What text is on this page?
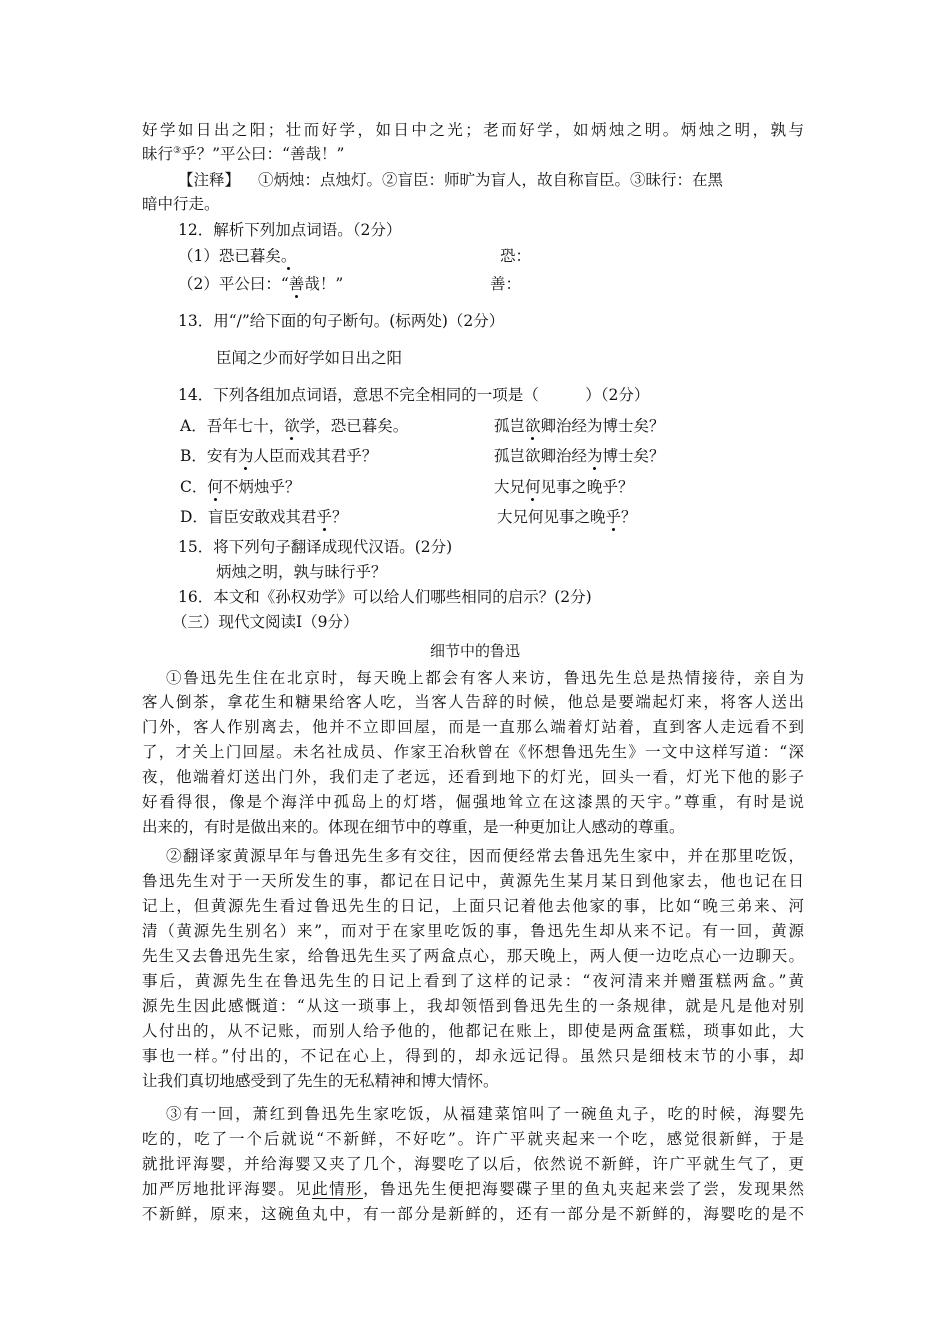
好学如日出之阳；壮而好学，如日中之光；老而好学，如炳烛之明。炳烛之明，孰与
昧行③乎？”平公曰：“善哉！”
【注释】 ①炳烛：点烛灯。②盲臣：师旷为盲人，故自称盲臣。③昧行：在黑
暗中行走。
12．解析下列加点词语。（2分）
（1）恐已暮矣。	恐：
（2）平公曰：“善哉！”	善：
13．用“/”给下面的句子断句。(标两处)（2分）
臣闻之少而好学如日出之阳
14．下列各组加点词语，意思不完全相同的一项是（　　　）（2分）
A．吾年七十，欲学，恐已暮矣。	孤岂欲卿治经为博士矣？
B．安有为人臣而戏其君乎？	孤岂欲卿治经为博士矣？
C．何不炳烛乎？	大兄何见事之晚乎？
D．盲臣安敢戏其君乎？	大兄何见事之晚乎？
15．将下列句子翻译成现代汉语。(2分)
炳烛之明，孰与昧行乎？
16．本文和《孙权劝学》可以给人们哪些相同的启示？(2分)
（三）现代文阅读Ⅰ（9分）
细节中的鲁迅
①鲁迅先生住在北京时，每天晚上都会有客人来访，鲁迅先生总是热情接待，亲自为
客人倒茶，拿花生和糖果给客人吃，当客人告辞的时候，他总是要端起灯来，将客人送出
门外，客人作别离去，他并不立即回屋，而是一直那么端着灯站着，直到客人走远看不到
了，才关上门回屋。未名社成员、作家王冶秋曾在《怀想鲁迅先生》一文中这样写道：“深
夜，他端着灯送出门外，我们走了老远，还看到地下的灯光，回头一看，灯光下他的影子
好看得很，像是个海洋中孤岛上的灯塔，倔强地耸立在这漆黑的天宇。”尊重，有时是说
出来的，有时是做出来的。体现在细节中的尊重，是一种更加让人感动的尊重。
②翻译家黄源早年与鲁迅先生多有交往，因而便经常去鲁迅先生家中，并在那里吃饭，
鲁迅先生对于一天所发生的事，都记在日记中，黄源先生某月某日到他家去，他也记在日
记上，但黄源先生看过鲁迅先生的日记，上面只记着他去他家的事，比如“晚三弟来、河
清（黄源先生别名）来”，而对于在家里吃饭的事，鲁迅先生却从来不记。有一回，黄源
先生又去鲁迅先生家，给鲁迅先生买了两盒点心，那天晚上，两人便一边吃点心一边聊天。
事后，黄源先生在鲁迅先生的日记上看到了这样的记录：“夜河清来并赠蛋糕两盒。”黄
源先生因此感慨道：“从这一琐事上，我却领悟到鲁迅先生的一条规律，就是凡是他对别
人付出的，从不记账，而别人给予他的，他都记在账上，即使是两盒蛋糕，琐事如此，大
事也一样。”付出的，不记在心上，得到的，却永远记得。虽然只是细枝末节的小事，却
让我们真切地感受到了先生的无私精神和博大情怀。
③有一回，萧红到鲁迅先生家吃饭，从福建菜馆叫了一碗鱼丸子，吃的时候，海婴先
吃的，吃了一个后就说“不新鲜，不好吃”。许广平就夹起来一个吃，感觉很新鲜，于是
就批评海婴，并给海婴又夹了几个，海婴吃了以后，依然说不新鲜，许广平就生气了，更
加严厉地批评海婴。见此情形，鲁迅先生便把海婴碟子里的鱼丸夹起来尝了尝，发现果然
不新鲜，原来，这碗鱼丸中，有一部分是新鲜的，还有一部分是不新鲜的，海婴吃的是不
